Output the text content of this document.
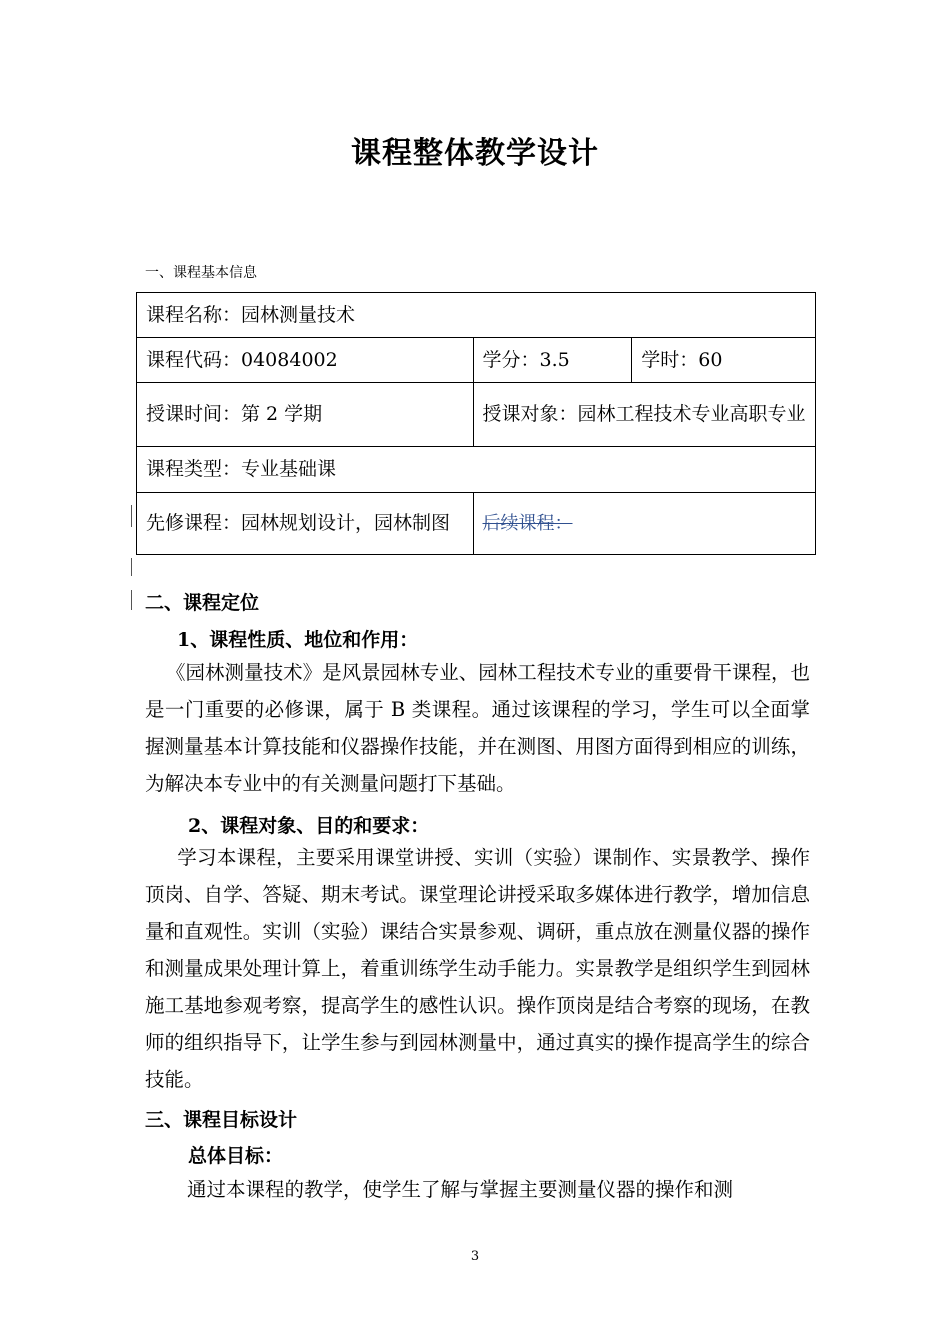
课程整体教学设计
一、课程基本信息
课程名称：园林测量技术		
课程代码：04084002	学分：3.5	学时：60
授课时间：第 2 学期	授课对象：园林工程技术专业高职专业	
课程类型：专业基础课		
先修课程：园林规划设计，园林制图	后续课程：	
二、课程定位
1、课程性质、地位和作用：

《园林测量技术》是风景园林专业、园林工程技术专业的重要骨干课程，也是一门重要的必修课，属于 B 类课程。通过该课程的学习，学生可以全面掌握测量基本计算技能和仪器操作技能，并在测图、用图方面得到相应的训练，为解决本专业中的有关测量问题打下基础。

2、课程对象、目的和要求：

学习本课程，主要采用课堂讲授、实训（实验）课制作、实景教学、操作顶岗、自学、答疑、期末考试。课堂理论讲授采取多媒体进行教学，增加信息量和直观性。实训（实验）课结合实景参观、调研，重点放在测量仪器的操作和测量成果处理计算上，着重训练学生动手能力。实景教学是组织学生到园林施工基地参观考察，提高学生的感性认识。操作顶岗是结合考察的现场，在教师的组织指导下，让学生参与到园林测量中，通过真实的操作提高学生的综合技能。

三、课程目标设计
总体目标：

通过本课程的教学，使学生了解与掌握主要测量仪器的操作和测

3
